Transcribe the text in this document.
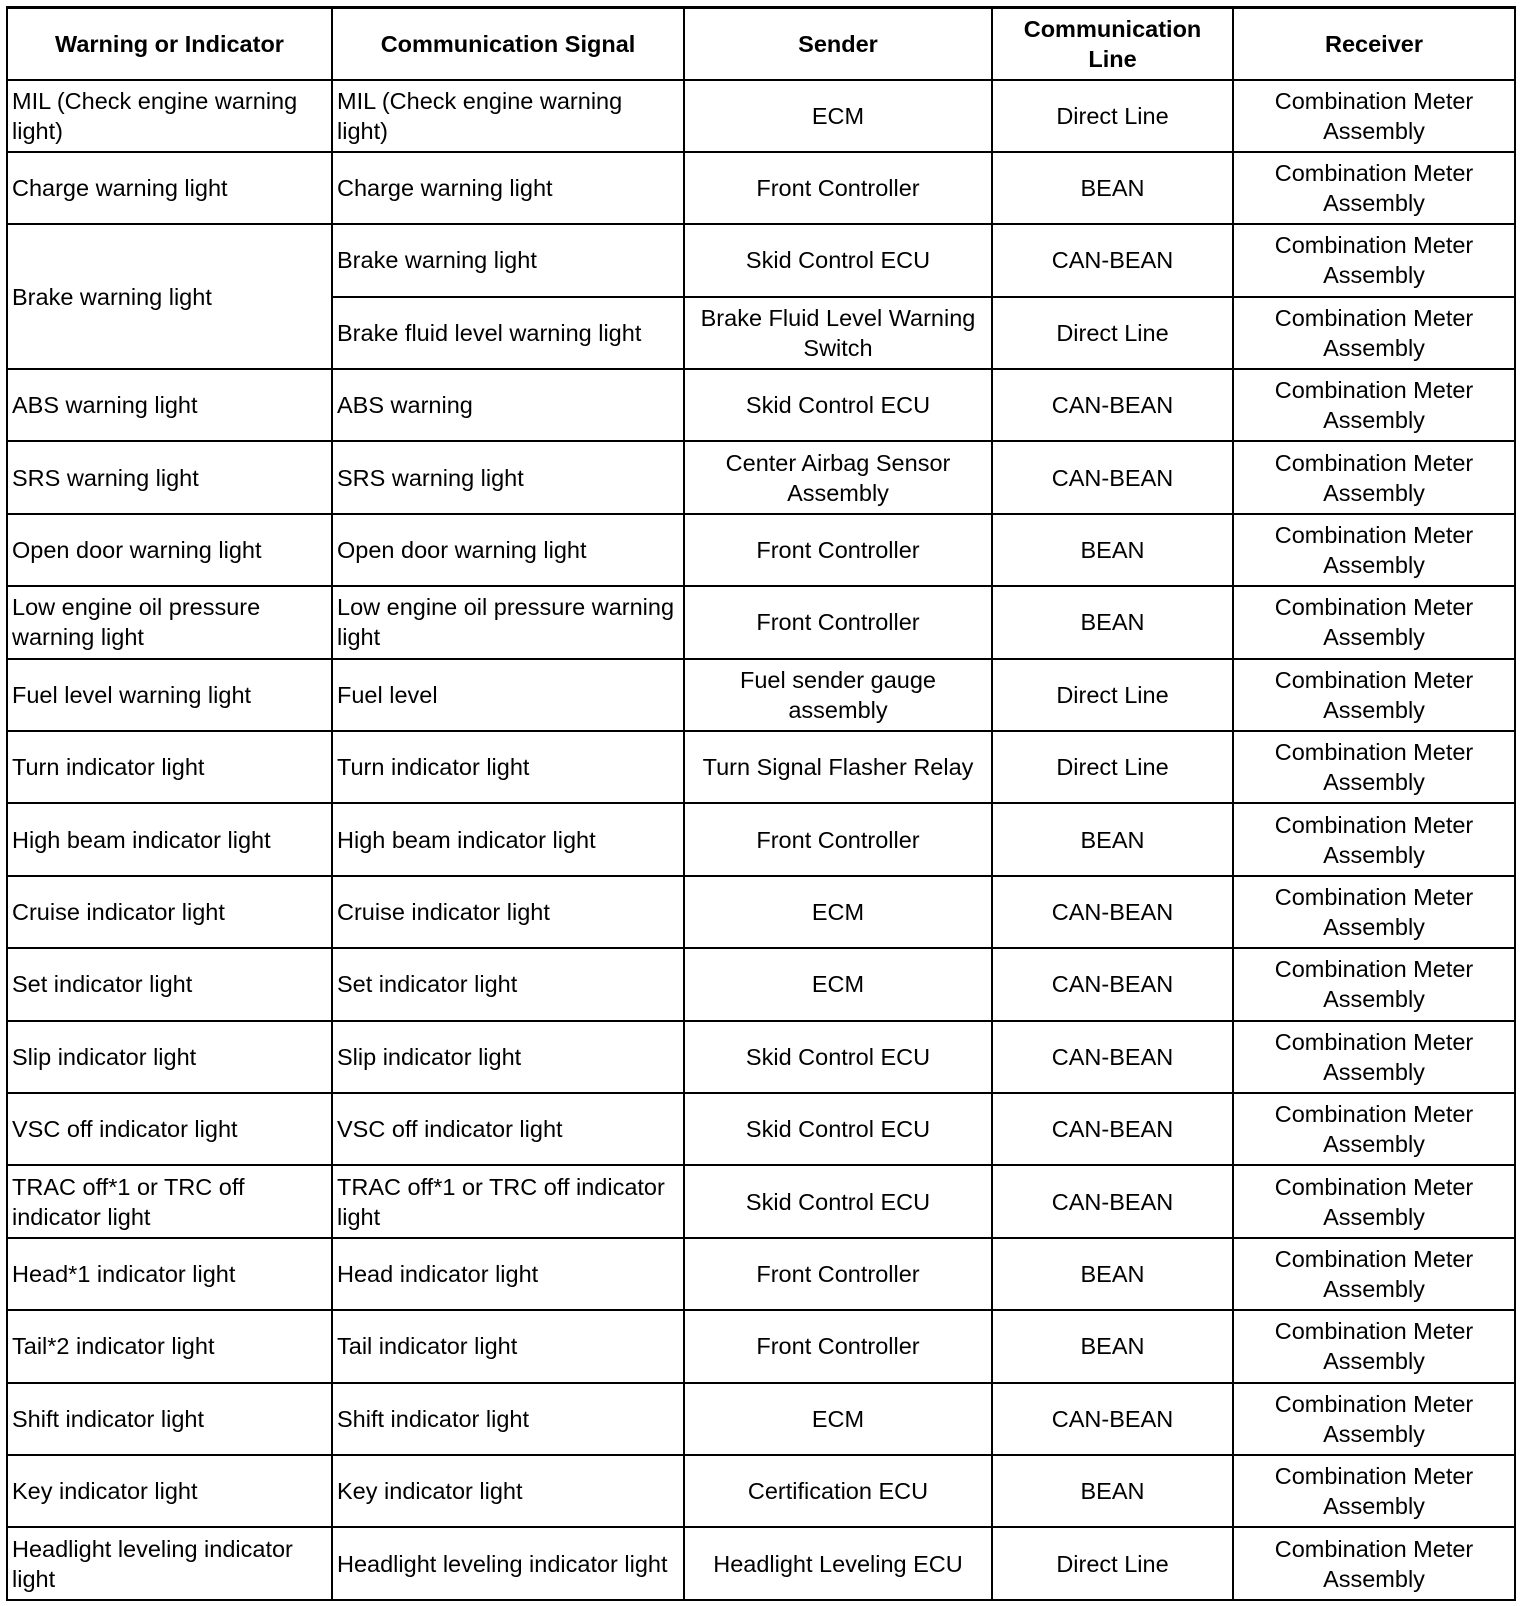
Warning or Indicator	Communication Signal	Sender	Communication Line	Receiver
MIL (Check engine warning light)	MIL (Check engine warning light)	ECM	Direct Line	Combination Meter Assembly
Charge warning light	Charge warning light	Front Controller	BEAN	Combination Meter Assembly
Brake warning light	Brake warning light	Skid Control ECU	CAN-BEAN	Combination Meter Assembly
	Brake fluid level warning light	Brake Fluid Level Warning Switch	Direct Line	Combination Meter Assembly
ABS warning light	ABS warning	Skid Control ECU	CAN-BEAN	Combination Meter Assembly
SRS warning light	SRS warning light	Center Airbag Sensor Assembly	CAN-BEAN	Combination Meter Assembly
Open door warning light	Open door warning light	Front Controller	BEAN	Combination Meter Assembly
Low engine oil pressure warning light	Low engine oil pressure warning light	Front Controller	BEAN	Combination Meter Assembly
Fuel level warning light	Fuel level	Fuel sender gauge assembly	Direct Line	Combination Meter Assembly
Turn indicator light	Turn indicator light	Turn Signal Flasher Relay	Direct Line	Combination Meter Assembly
High beam indicator light	High beam indicator light	Front Controller	BEAN	Combination Meter Assembly
Cruise indicator light	Cruise indicator light	ECM	CAN-BEAN	Combination Meter Assembly
Set indicator light	Set indicator light	ECM	CAN-BEAN	Combination Meter Assembly
Slip indicator light	Slip indicator light	Skid Control ECU	CAN-BEAN	Combination Meter Assembly
VSC off indicator light	VSC off indicator light	Skid Control ECU	CAN-BEAN	Combination Meter Assembly
TRAC off*1 or TRC off indicator light	TRAC off*1 or TRC off indicator light	Skid Control ECU	CAN-BEAN	Combination Meter Assembly
Head*1 indicator light	Head indicator light	Front Controller	BEAN	Combination Meter Assembly
Tail*2 indicator light	Tail indicator light	Front Controller	BEAN	Combination Meter Assembly
Shift indicator light	Shift indicator light	ECM	CAN-BEAN	Combination Meter Assembly
Key indicator light	Key indicator light	Certification ECU	BEAN	Combination Meter Assembly
Headlight leveling indicator light	Headlight leveling indicator light	Headlight Leveling ECU	Direct Line	Combination Meter Assembly
